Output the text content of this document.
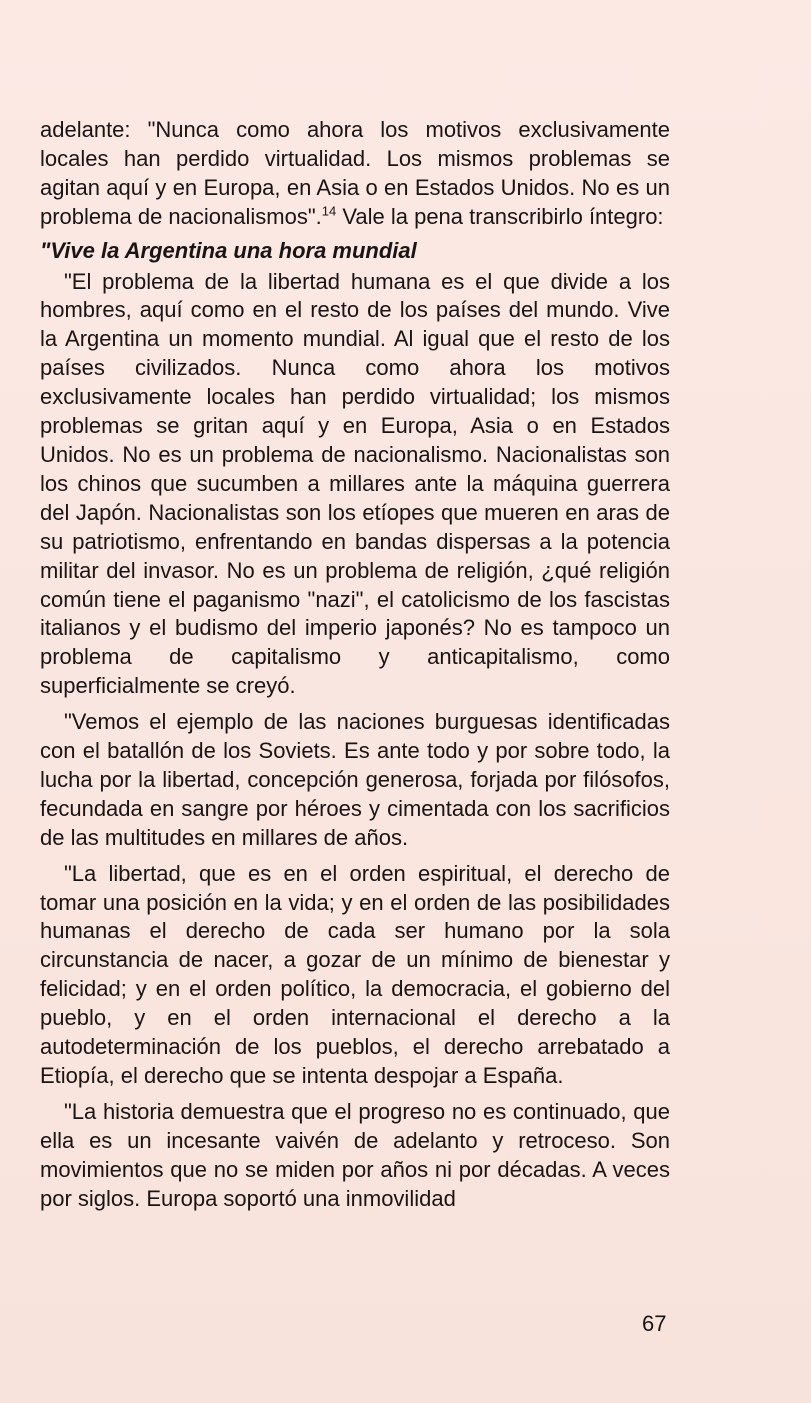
adelante: "Nunca como ahora los motivos exclusivamente locales han perdido virtualidad. Los mismos problemas se agitan aquí y en Europa, en Asia o en Estados Unidos. No es un problema de nacionalismos".$^{14}$ Vale la pena transcribirlo íntegro:

"Vive la Argentina una hora mundial

"El problema de la libertad humana es el que divide a los hombres, aquí como en el resto de los países del mundo. Vive la Argentina un momento mundial. Al igual que el resto de los países civilizados. Nunca como ahora los motivos exclusivamente locales han perdido virtualidad; los mismos problemas se gritan aquí y en Europa, Asia o en Estados Unidos. No es un problema de nacionalismo. Nacionalistas son los chinos que sucumben a millares ante la máquina guerrera del Japón. Nacionalistas son los etíopes que mueren en aras de su patriotismo, enfrentando en bandas dispersas a la potencia militar del invasor. No es un problema de religión, ¿qué religión común tiene el paganismo "nazi", el catolicismo de los fascistas italianos y el budismo del imperio japonés? No es tampoco un problema de capitalismo y anticapitalismo, como superficialmente se creyó.

"Vemos el ejemplo de las naciones burguesas identificadas con el batallón de los Soviets. Es ante todo y por sobre todo, la lucha por la libertad, concepción generosa, forjada por filósofos, fecundada en sangre por héroes y cimentada con los sacrificios de las multitudes en millares de años.

"La libertad, que es en el orden espiritual, el derecho de tomar una posición en la vida; y en el orden de las posibilidades humanas el derecho de cada ser humano por la sola circunstancia de nacer, a gozar de un mínimo de bienestar y felicidad; y en el orden político, la democracia, el gobierno del pueblo, y en el orden internacional el derecho a la autodeterminación de los pueblos, el derecho arrebatado a Etiopía, el derecho que se intenta despojar a España.

"La historia demuestra que el progreso no es continuado, que ella es un incesante vaivén de adelanto y retroceso. Son movimientos que no se miden por años ni por décadas. A veces por siglos. Europa soportó una inmovilidad

67
